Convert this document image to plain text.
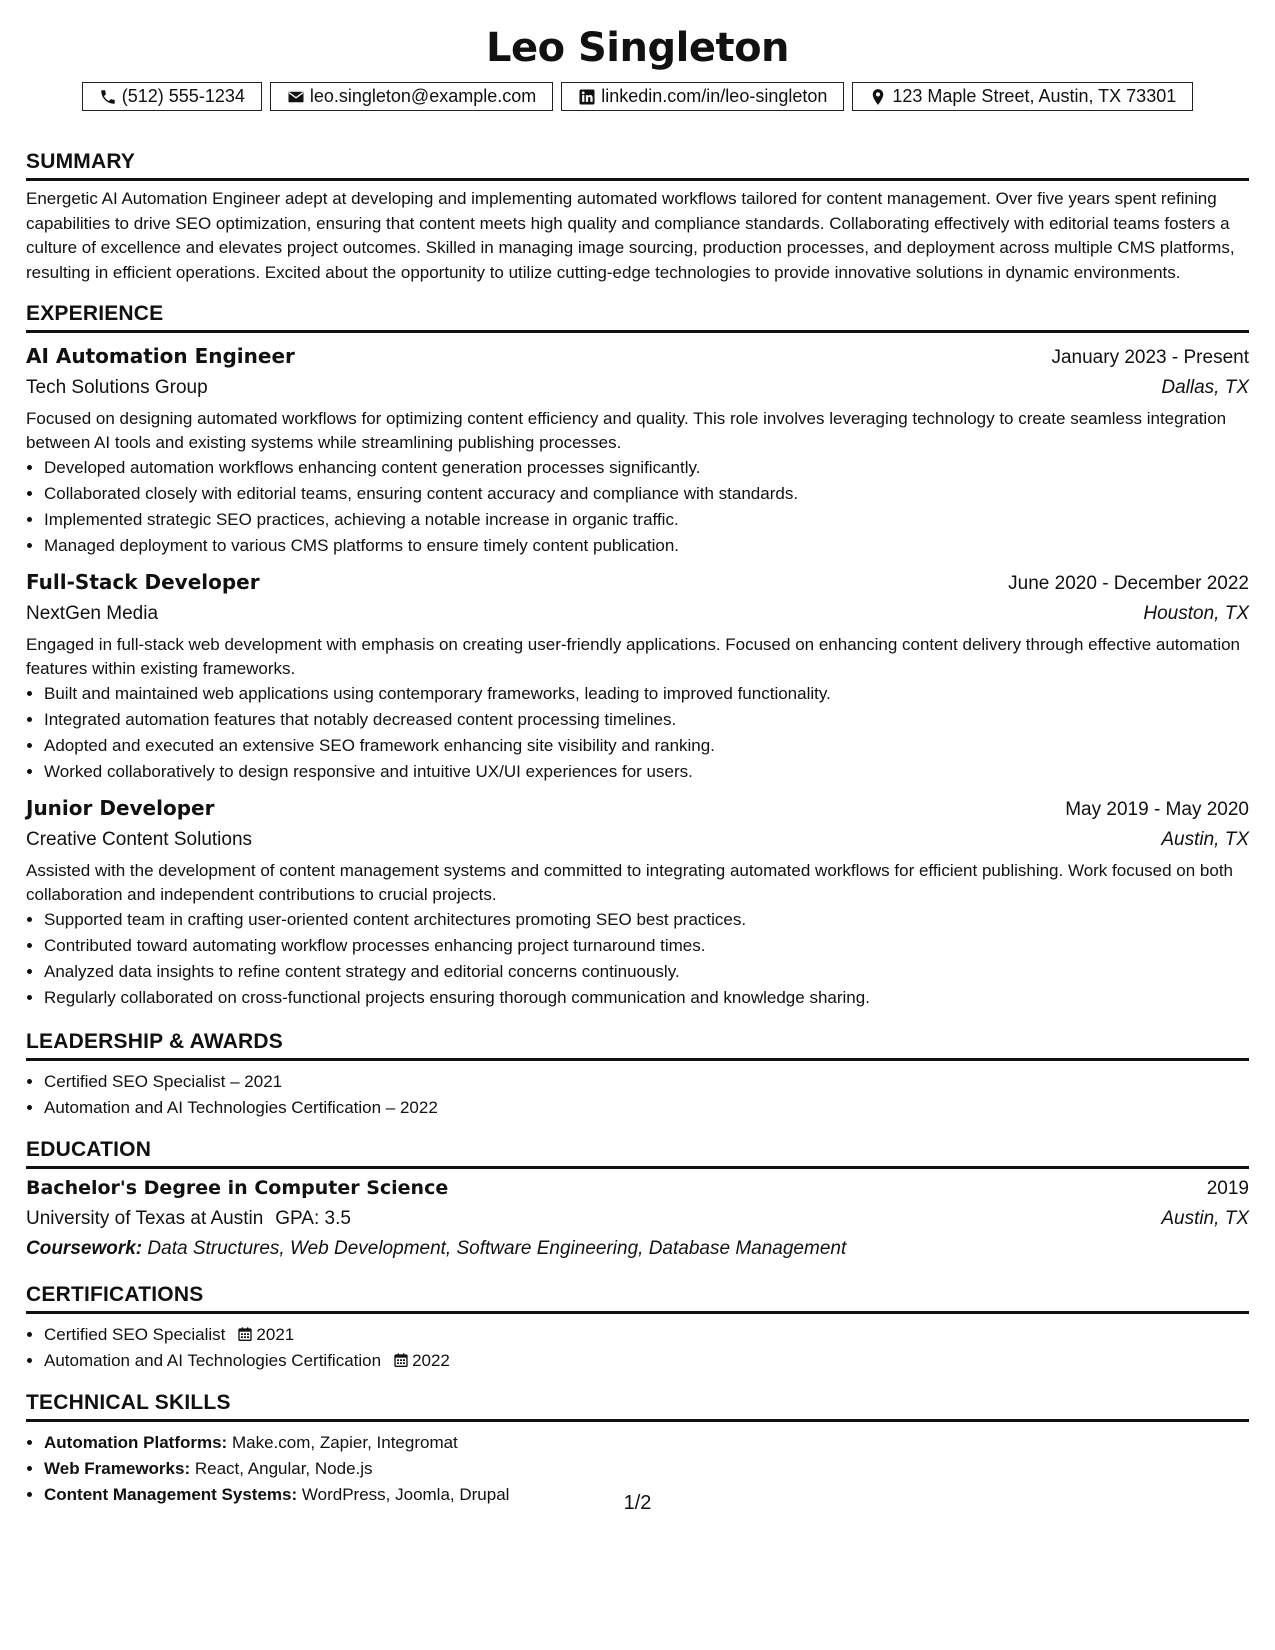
Leo Singleton
(512) 555-1234	leo.singleton@example.com	linkedin.com/in/leo-singleton	123 Maple Street, Austin, TX 73301
SUMMARY
Energetic AI Automation Engineer adept at developing and implementing automated workflows tailored for content management. Over five years spent refining capabilities to drive SEO optimization, ensuring that content meets high quality and compliance standards. Collaborating effectively with editorial teams fosters a culture of excellence and elevates project outcomes. Skilled in managing image sourcing, production processes, and deployment across multiple CMS platforms, resulting in efficient operations. Excited about the opportunity to utilize cutting-edge technologies to provide innovative solutions in dynamic environments.
EXPERIENCE
AI Automation Engineer	January 2023 - Present
Tech Solutions Group	Dallas, TX
Focused on designing automated workflows for optimizing content efficiency and quality. This role involves leveraging technology to create seamless integration between AI tools and existing systems while streamlining publishing processes.
• Developed automation workflows enhancing content generation processes significantly.
• Collaborated closely with editorial teams, ensuring content accuracy and compliance with standards.
• Implemented strategic SEO practices, achieving a notable increase in organic traffic.
• Managed deployment to various CMS platforms to ensure timely content publication.
Full-Stack Developer	June 2020 - December 2022
NextGen Media	Houston, TX
Engaged in full-stack web development with emphasis on creating user-friendly applications. Focused on enhancing content delivery through effective automation features within existing frameworks.
• Built and maintained web applications using contemporary frameworks, leading to improved functionality.
• Integrated automation features that notably decreased content processing timelines.
• Adopted and executed an extensive SEO framework enhancing site visibility and ranking.
• Worked collaboratively to design responsive and intuitive UX/UI experiences for users.
Junior Developer	May 2019 - May 2020
Creative Content Solutions	Austin, TX
Assisted with the development of content management systems and committed to integrating automated workflows for efficient publishing. Work focused on both collaboration and independent contributions to crucial projects.
• Supported team in crafting user-oriented content architectures promoting SEO best practices.
• Contributed toward automating workflow processes enhancing project turnaround times.
• Analyzed data insights to refine content strategy and editorial concerns continuously.
• Regularly collaborated on cross-functional projects ensuring thorough communication and knowledge sharing.
LEADERSHIP & AWARDS
• Certified SEO Specialist – 2021
• Automation and AI Technologies Certification – 2022
EDUCATION
Bachelor's Degree in Computer Science	2019
University of Texas at Austin GPA: 3.5	Austin, TX
Coursework: Data Structures, Web Development, Software Engineering, Database Management
CERTIFICATIONS
• Certified SEO Specialist 2021
• Automation and AI Technologies Certification 2022
TECHNICAL SKILLS
• Automation Platforms: Make.com, Zapier, Integromat
• Web Frameworks: React, Angular, Node.js
• Content Management Systems: WordPress, Joomla, Drupal	1/2
